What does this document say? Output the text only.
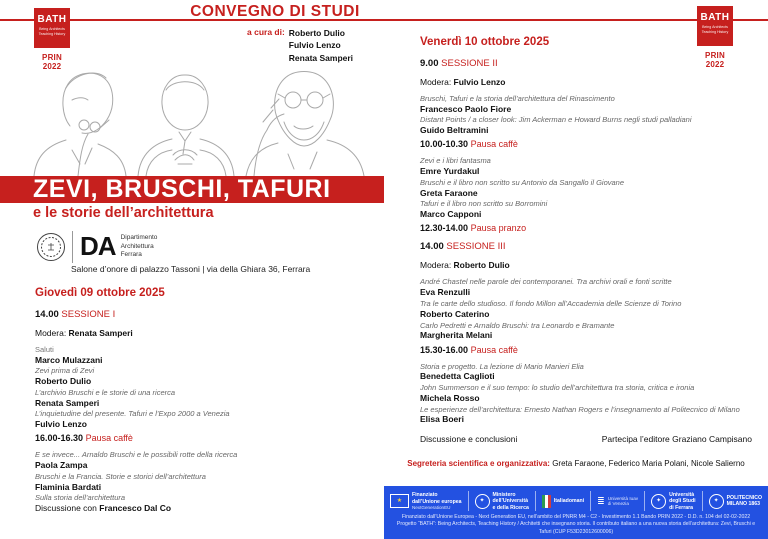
BATH
Being Architects
Teaching History
PRIN 2022
BATH
Being Architects
Teaching History
PRIN 2022
CONVEGNO DI STUDI
a cura di: Roberto Dulio
Fulvio Lenzo
Renata Samperi
ZEVI, BRUSCHI, TAFURI
e le storie dell’architettura
DA Dipartimento
Architettura
Ferrara
Salone d’onore di palazzo Tassoni | via della Ghiara 36, Ferrara
Giovedì 09 ottobre 2025
14.00 SESSIONE I
Modera: Renata Samperi
Saluti
Marco Mulazzani
Zevi prima di Zevi
Roberto Dulio
L’archivio Bruschi e le storie di una ricerca
Renata Samperi
L’inquietudine del presente. Tafuri e l’Expo 2000 a Venezia
Fulvio Lenzo
16.00-16.30 Pausa caffè
E se invece... Arnaldo Bruschi e le possibili rotte della ricerca
Paola Zampa
Bruschi e la Francia. Storie e storici dell’architettura
Flaminia Bardati
Sulla storia dell’architettura
Discussione con Francesco Dal Co
Venerdì 10 ottobre 2025
9.00 SESSIONE II
Modera: Fulvio Lenzo
Bruschi, Tafuri e la storia dell’architettura del Rinascimento
Francesco Paolo Fiore
Distant Points / a closer look: Jim Ackerman e Howard Burns negli studi palladiani
Guido Beltramini
10.00-10.30 Pausa caffè
Zevi e i libri fantasma
Emre Yurdakul
Bruschi e il libro non scritto su Antonio da Sangallo il Giovane
Greta Faraone
Tafuri e il libro non scritto su Borromini
Marco Capponi
12.30-14.00 Pausa pranzo
14.00 SESSIONE III
Modera: Roberto Dulio
André Chastel nelle parole dei contemporanei. Tra archivi orali e fonti scritte
Eva Renzulli
Tra le carte dello studioso. Il fondo Millon all’Accademia delle Scienze di Torino
Roberto Caterino
Carlo Pedretti e Arnaldo Bruschi: tra Leonardo e Bramante
Margherita Melani
15.30-16.00 Pausa caffè
Storia e progetto. La lezione di Mario Manieri Elia
Benedetta Caglioti
John Summerson e il suo tempo: lo studio dell’architettura tra storia, critica e ironia
Michela Rosso
Le esperienze dell’architettura: Ernesto Nathan Rogers e l’insegnamento al Politecnico di Milano
Elisa Boeri
Discussione e conclusioni	Partecipa l’editore Graziano Campisano
Segreteria scientifica e organizzativa: Greta Faraone, Federico Maria Polani, Nicole Salierno
★
Finanziato
dall’Unione europea
NextGenerationEU
✦
Ministero
dell’Università
e della Ricerca
Italiadomani ≣ Università Iuav
di Venezia	✦
Università
degli Studi
di Ferrara
✦
POLITECNICO
MILANO 1863
Finanziato dall’Unione Europea - Next Generation EU, nell’ambito del PNRR M4 - C2 - Investimento 1.1 Bando PRIN 2022 - D.D. n. 104 del 02-02-2022 Progetto “BATH”: Being Architects, Teaching History / Architetti che insegnano storia. Il contributo italiano a una nuova storia dell’architettura: Zevi, Bruschi e Tafuri (CUP F53D23012600006)
